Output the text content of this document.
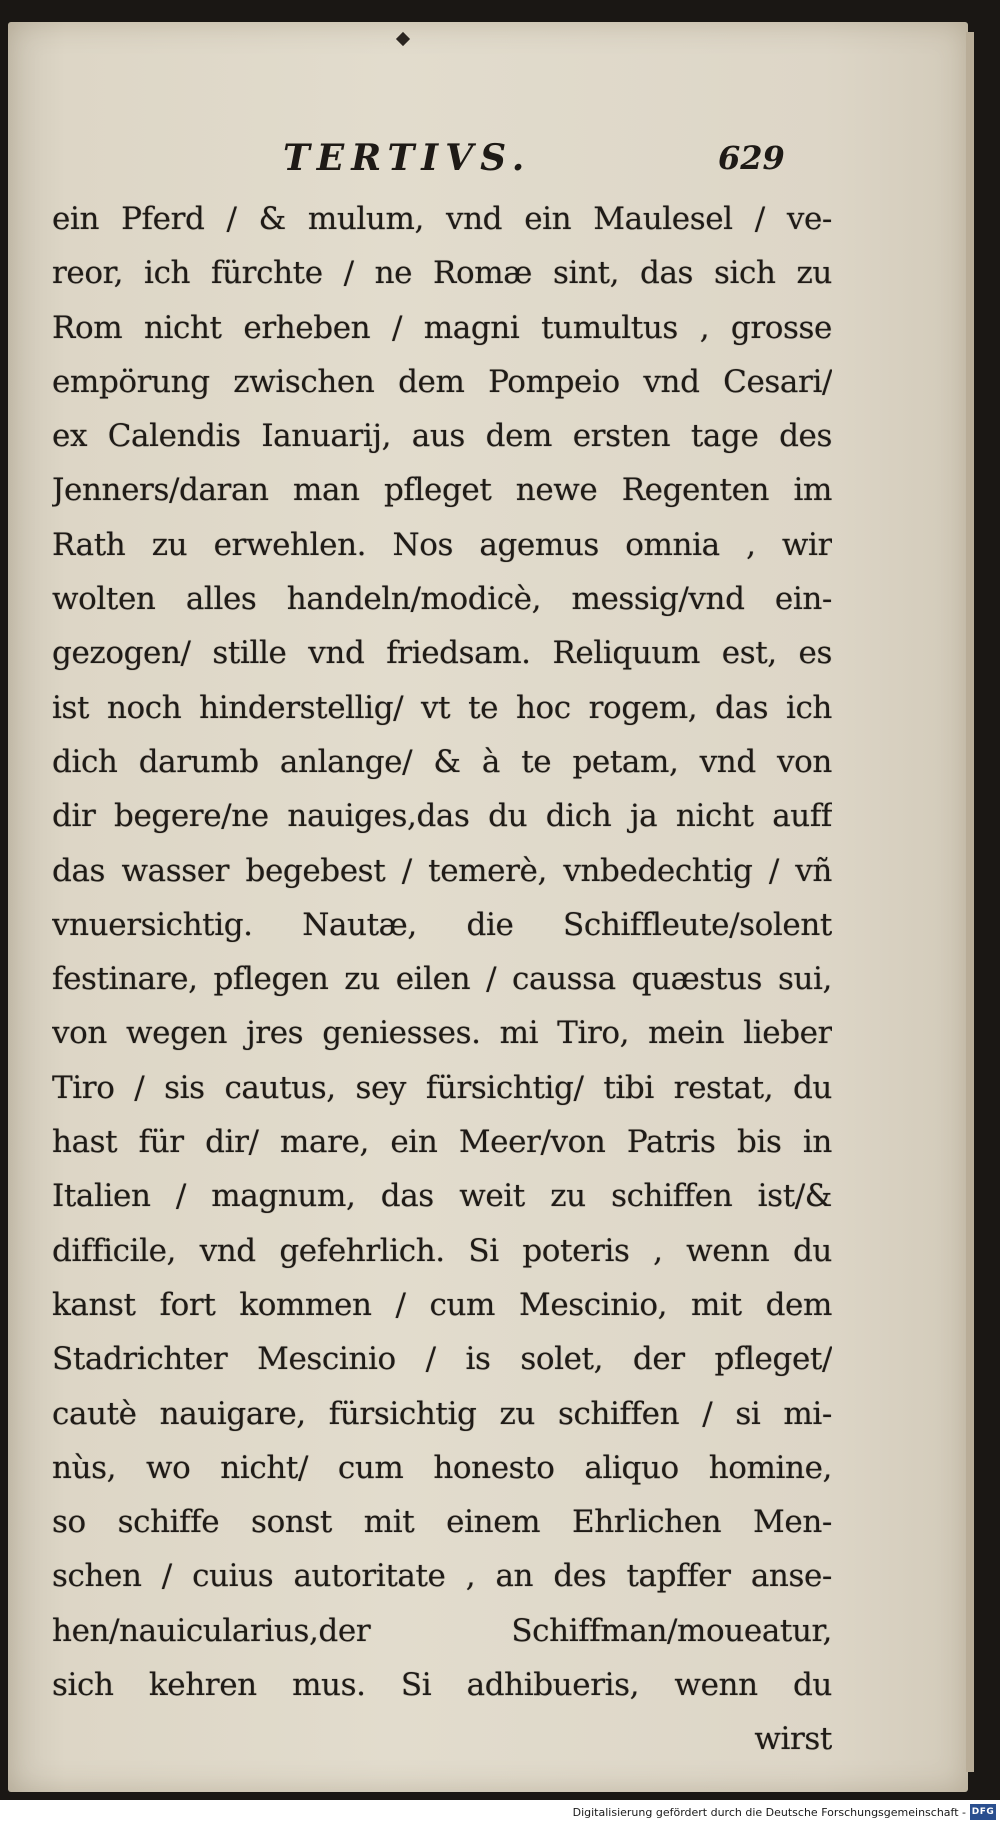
TERTIVS.	629
ein Pferd / & mulum, vnd ein Maulesel / ve-
reor, ich fürchte / ne Romæ sint, das sich zu
Rom nicht erheben / magni tumultus , grosse
empörung zwischen dem Pompeio vnd Cesari/
ex Calendis Ianuarij, aus dem ersten tage des
Jenners/daran man pfleget newe Regenten im
Rath zu erwehlen. Nos agemus omnia , wir
wolten alles handeln/modicè, messig/vnd ein-
gezogen/ stille vnd friedsam. Reliquum est, es
ist noch hinderstellig/ vt te hoc rogem, das ich
dich darumb anlange/ & à te petam, vnd von
dir begere/ne nauiges,das du dich ja nicht auff
das wasser begebest / temerè, vnbedechtig / vñ
vnuersichtig. Nautæ, die Schiffleute/solent
festinare, pflegen zu eilen / caussa quæstus sui,
von wegen jres geniesses. mi Tiro, mein lieber
Tiro / sis cautus, sey fürsichtig/ tibi restat, du
hast für dir/ mare, ein Meer/von Patris bis in
Italien / magnum, das weit zu schiffen ist/&
difficile, vnd gefehrlich. Si poteris , wenn du
kanst fort kommen / cum Mescinio, mit dem
Stadrichter Mescinio / is solet, der pfleget/
cautè nauigare, fürsichtig zu schiffen / si mi-
nùs, wo nicht/ cum honesto aliquo homine,
so schiffe sonst mit einem Ehrlichen Men-
schen / cuius autoritate , an des tapffer anse-
hen/nauicularius,der Schiffman/moueatur,
sich kehren mus. Si adhibueris, wenn du
wirst
Digitalisierung gefördert durch die Deutsche Forschungsgemeinschaft - DFG
